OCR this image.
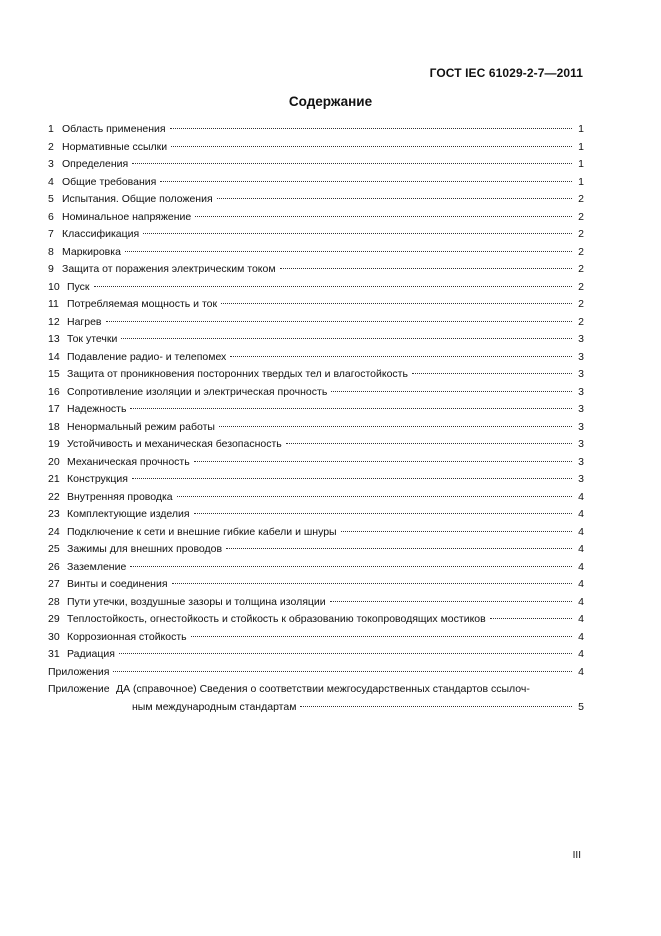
ГОСТ IEC 61029-2-7—2011
Содержание
1 Область применения	1
2 Нормативные ссылки	1
3 Определения	1
4 Общие требования	1
5 Испытания. Общие положения	2
6 Номинальное напряжение	2
7 Классификация	2
8 Маркировка	2
9 Защита от поражения электрическим током	2
10 Пуск	2
11 Потребляемая мощность и ток	2
12 Нагрев	2
13 Ток утечки	3
14 Подавление радио- и телепомех	3
15 Защита от проникновения посторонних твердых тел и влагостойкость	3
16 Сопротивление изоляции и электрическая прочность	3
17 Надежность	3
18 Ненормальный режим работы	3
19 Устойчивость и механическая безопасность	3
20 Механическая прочность	3
21 Конструкция	3
22 Внутренняя проводка	4
23 Комплектующие изделия	4
24 Подключение к сети и внешние гибкие кабели и шнуры	4
25 Зажимы для внешних проводов	4
26 Заземление	4
27 Винты и соединения	4
28 Пути утечки, воздушные зазоры и толщина изоляции	4
29 Теплостойкость, огнестойкость и стойкость к образованию токопроводящих мостиков	4
30 Коррозионная стойкость	4
31 Радиация	4
Приложения	4
Приложение ДА (справочное) Сведения о соответствии межгосударственных стандартов ссылоч-
ным международным стандартам	5
III
